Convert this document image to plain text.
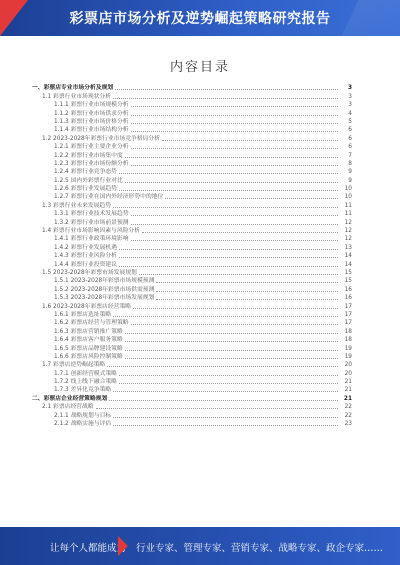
彩票店市场分析及逆势崛起策略研究报告
内容目录
一、彩票店专业市场分析及规划	3
1.1 彩票行业市场现状分析	3
1.1.1 彩票行业市场规模分析	3
1.1.2 彩票行业市场供求分析	4
1.1.3 彩票行业市场价格分析	5
1.1.4 彩票行业市场结构分析	6
1.2 2023-2028年彩票行业市场竞争格局分析	6
1.2.1 彩票行业主要企业分析	6
1.2.2 彩票行业市场集中度	7
1.2.3 彩票行业市场份额分析	8
1.2.4 彩票行业竞争态势	9
1.2.5 国内外彩票行业对比	9
1.2.6 彩票行业发展趋势	10
1.2.7 彩票行业在国内外经济形势中的地位	10
1.3 彩票行业未来发展趋势	11
1.3.1 彩票行业技术发展趋势	11
1.3.2 彩票行业市场前景预测	12
1.4 彩票行业市场影响因素与风险分析	12
1.4.1 彩票行业政策环境影响	12
1.4.2 彩票行业发展机遇	13
1.4.3 彩票行业风险分析	14
1.4.4 彩票行业投资建议	14
1.5 2023-2028年彩票市场发展规划	15
1.5.1 2023-2028年彩票市场规模预测	15
1.5.2 2023-2028年彩票市场供需预测	16
1.5.3 2023-2028年彩票市场发展规划	16
1.6 2023-2028年彩票店经营策略	17
1.6.1 彩票店选址策略	17
1.6.2 彩票店经营与管理策略	17
1.6.3 彩票店营销推广策略	18
1.6.4 彩票店客户服务策略	18
1.6.5 彩票店品牌建设策略	19
1.6.6 彩票店风险控制策略	19
1.7 彩票店逆势崛起策略	20
1.7.1 创新经营模式策略	20
1.7.2 线上线下融合策略	21
1.7.3 差异化竞争策略	21
二、彩票店企业经营策略规划	21
2.1 彩票店经营战略	22
2.1.1 战略规划与目标	22
2.1.2 战略实施与评估	23
让每个人都能成为 行业专家、管理专家、营销专家、战略专家、政企专家……
